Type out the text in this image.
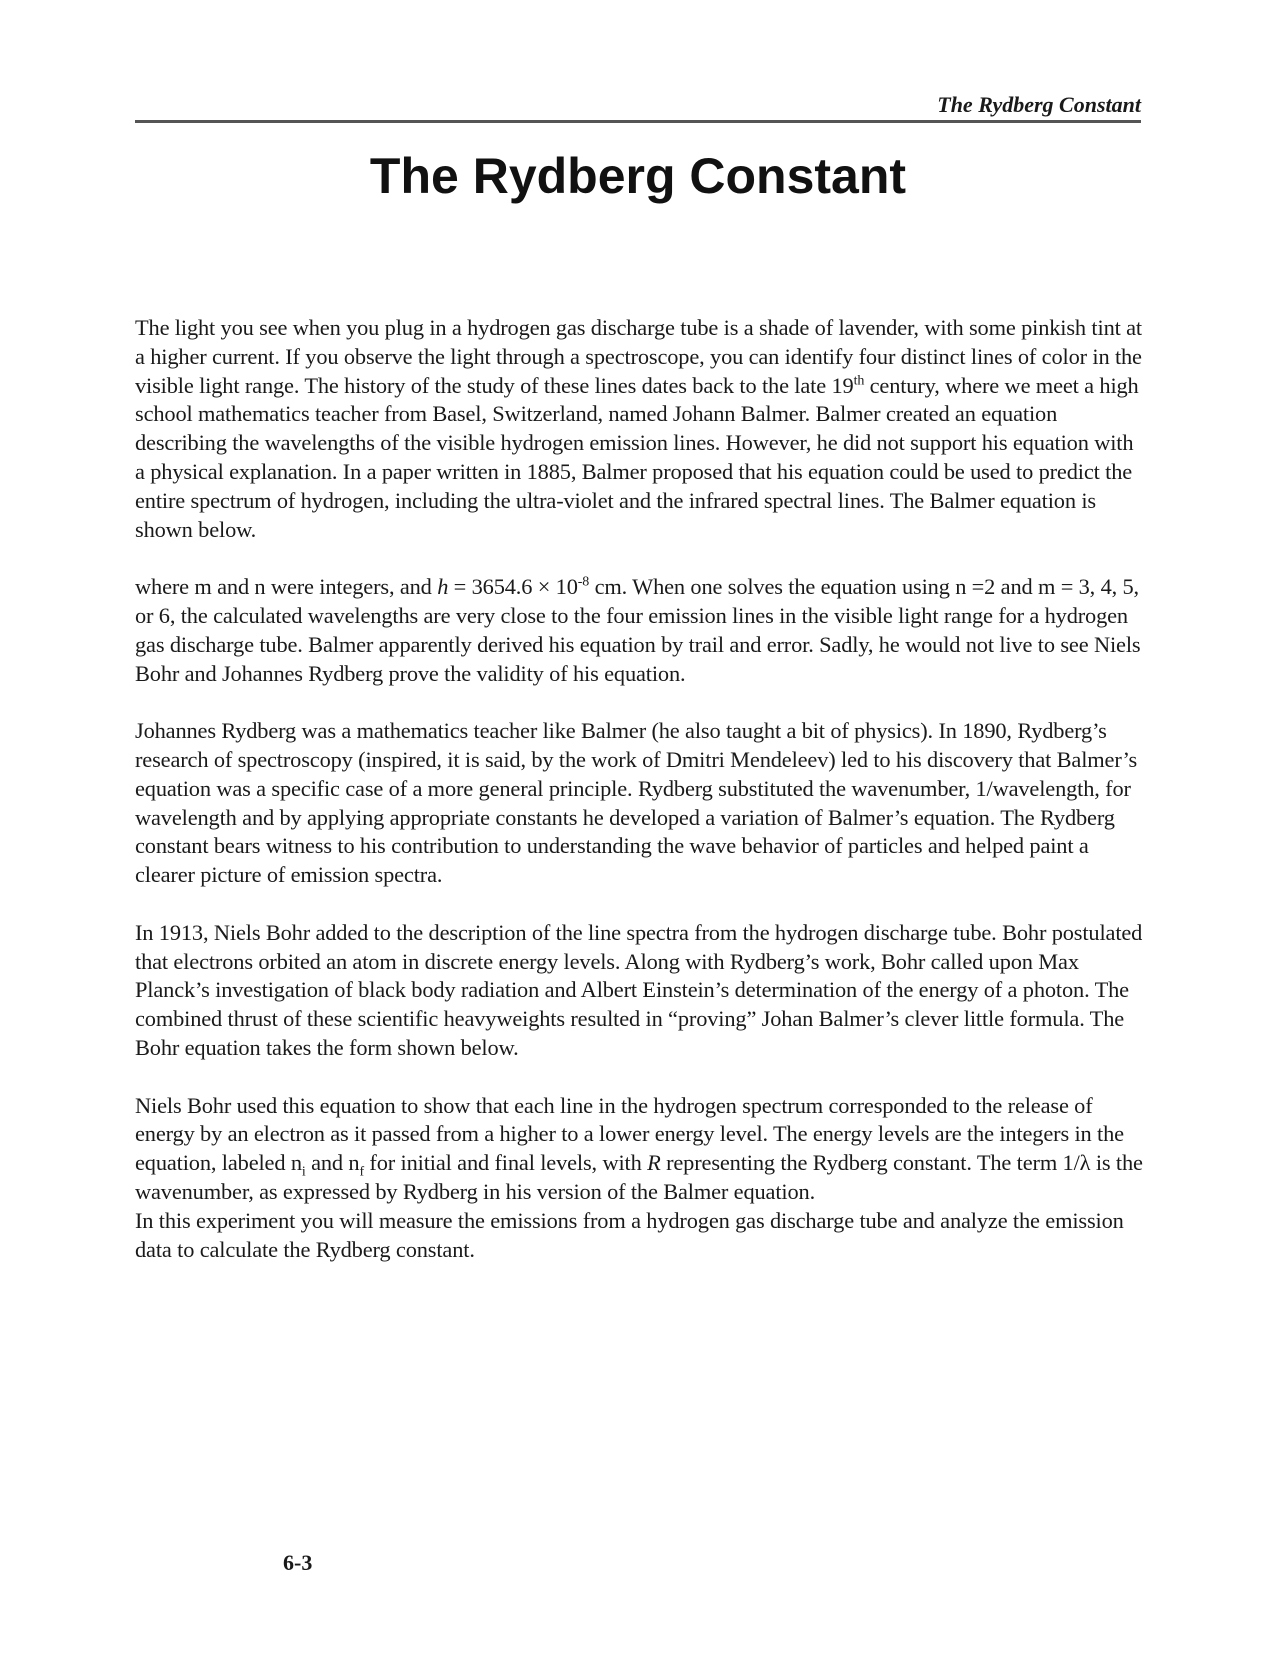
The Rydberg Constant
The Rydberg Constant

The light you see when you plug in a hydrogen gas discharge tube is a shade of lavender, with some pinkish tint at a higher current. If you observe the light through a spectroscope, you can identify four distinct lines of color in the visible light range. The history of the study of these lines dates back to the late 19th century, where we meet a high school mathematics teacher from Basel, Switzerland, named Johann Balmer. Balmer created an equation describing the wavelengths of the visible hydrogen emission lines. However, he did not support his equation with a physical explanation. In a paper written in 1885, Balmer proposed that his equation could be used to predict the entire spectrum of hydrogen, including the ultra-violet and the infrared spectral lines. The Balmer equation is shown below.

where m and n were integers, and $h = 3654.6 \times 10^{-8}$ cm. When one solves the equation using n =2 and m = 3, 4, 5, or 6, the calculated wavelengths are very close to the four emission lines in the visible light range for a hydrogen gas discharge tube. Balmer apparently derived his equation by trail and error. Sadly, he would not live to see Niels Bohr and Johannes Rydberg prove the validity of his equation.

Johannes Rydberg was a mathematics teacher like Balmer (he also taught a bit of physics). In 1890, Rydberg’s research of spectroscopy (inspired, it is said, by the work of Dmitri Mendeleev) led to his discovery that Balmer’s equation was a specific case of a more general principle. Rydberg substituted the wavenumber, 1/wavelength, for wavelength and by applying appropriate constants he developed a variation of Balmer’s equation. The Rydberg constant bears witness to his contribution to understanding the wave behavior of particles and helped paint a clearer picture of emission spectra.

In 1913, Niels Bohr added to the description of the line spectra from the hydrogen discharge tube. Bohr postulated that electrons orbited an atom in discrete energy levels. Along with Rydberg’s work, Bohr called upon Max Planck’s investigation of black body radiation and Albert Einstein’s determination of the energy of a photon. The combined thrust of these scientific heavyweights resulted in “proving” Johan Balmer’s clever little formula. The Bohr equation takes the form shown below.

Niels Bohr used this equation to show that each line in the hydrogen spectrum corresponded to the release of energy by an electron as it passed from a higher to a lower energy level. The energy levels are the integers in the equation, labeled $n_i$ and $n_f$ for initial and final levels, with R representing the Rydberg constant. The term 1/λ is the wavenumber, as expressed by Rydberg in his version of the Balmer equation.

In this experiment you will measure the emissions from a hydrogen gas discharge tube and analyze the emission data to calculate the Rydberg constant.

6-3
